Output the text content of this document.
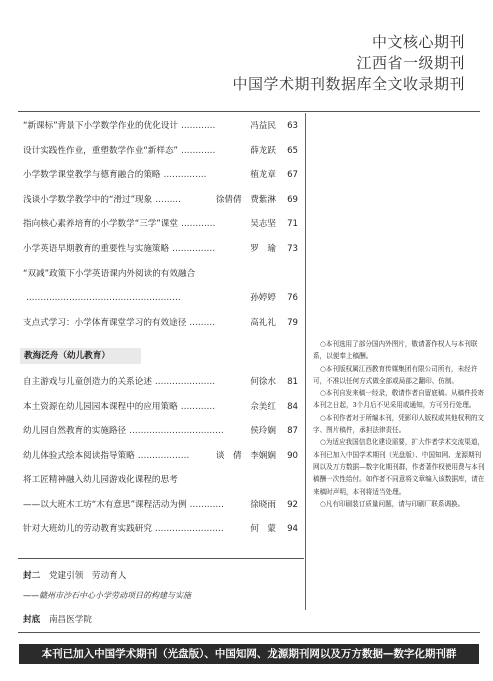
中文核心期刊
江西省一级期刊
中国学术期刊数据库全文收录期刊
“新课标”背景下小学数学作业的优化设计 …………	冯益民	63
设计实践性作业，重塑数学作业“新样态” …………	薛龙跃	65
小学数学课堂教学与德育融合的策略 ……………	植龙章	67
浅谈小学数学教学中的“滑过”现象 ………	徐倩倩　费紫淋	69
指向核心素养培育的小学数学“三学”课堂 …………	吴志坚	71
小学英语早期教育的重要性与实施策略 ……………	罗　瑜	73
“双减”政策下小学英语课内外阅读的有效融合
………………………………………………	孙婷婷	76
支点式学习：小学体育课堂学习的有效途径 ………	高礼礼	79
教海泛舟（幼儿教育）
自主游戏与儿童创造力的关系论述 …………………	何徐水	81
本土资源在幼儿园园本课程中的应用策略 …………	佘美红	84
幼儿园自然教育的实施路径 ……………………………	侯玲娴	87
幼儿体验式绘本阅读指导策略 ………………	谈　倩　李娴娴	90
将工匠精神融入幼儿园游戏化课程的思考
——以大班木工坊“木有意思”课程活动为例 …………	徐晓雨	92
针对大班幼儿的劳动教育实践研究 ……………………	何　蒙	94
封二 党建引领　劳动育人
——赣州市沙石中心小学劳动项目的构建与实施
封底 南昌医学院

○本刊选用了部分国内外图片，敬请著作权人与本刊联系，以便奉上稿酬。

○本刊版权属江西教育传媒集团有限公司所有，未经许可，不准以任何方式做全部或局部之翻印、仿制。

○本刊自发来稿一经录，敬请作者自留底稿。从稿件投寄本刊之日起，3个月后不见采用或通知，方可另行处理。

○本刊作者对于所编本刊，凭影印人版权或其他权利的文字、图片稿件，承担法律责任。

○为适应我国信息化建设需要，扩大作者学术交流渠道，本刊已加入中国学术期刊（光盘版）、中国知网、龙源期刊网以及万方数据—数字化期刊群，作者著作权使用费与本刊稿酬一次性给付。如作者不同意将文章编入该数据库，请在来稿时声明，本刊将适当处理。

○凡有印刷装订质量问题，请与印刷厂联系调换。

本刊已加入中国学术期刊（光盘版）、中国知网、龙源期刊网以及万方数据—数字化期刊群
